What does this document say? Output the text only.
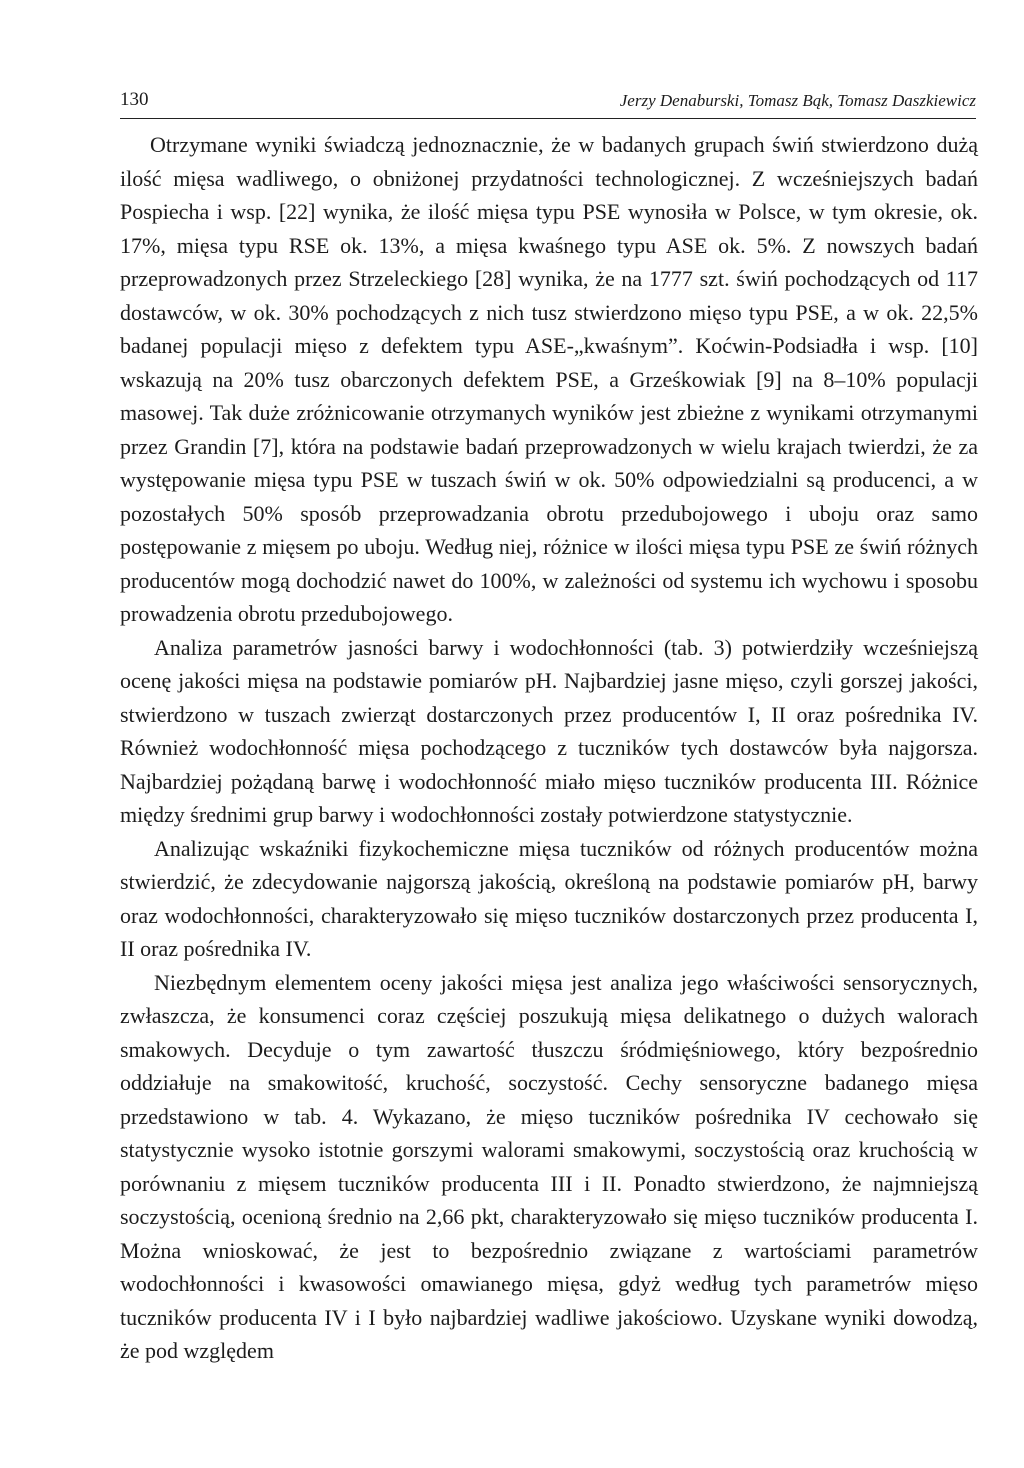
130	Jerzy Denaburski, Tomasz Bąk, Tomasz Daszkiewicz

Otrzymane wyniki świadczą jednoznacznie, że w badanych grupach świń stwierdzono dużą ilość mięsa wadliwego, o obniżonej przydatności technologicznej. Z wcześniejszych badań Pospiecha i wsp. [22] wynika, że ilość mięsa typu PSE wynosiła w Polsce, w tym okresie, ok. 17%, mięsa typu RSE ok. 13%, a mięsa kwaśnego typu ASE ok. 5%. Z nowszych badań przeprowadzonych przez Strzeleckiego [28] wynika, że na 1777 szt. świń pochodzących od 117 dostawców, w ok. 30% pochodzących z nich tusz stwierdzono mięso typu PSE, a w ok. 22,5% badanej populacji mięso z defektem typu ASE-„kwaśnym”. Koćwin-Podsiadła i wsp. [10] wskazują na 20% tusz obarczonych defektem PSE, a Grześkowiak [9] na 8–10% populacji masowej. Tak duże zróżnicowanie otrzymanych wyników jest zbieżne z wynikami otrzymanymi przez Grandin [7], która na podstawie badań przeprowadzonych w wielu krajach twierdzi, że za występowanie mięsa typu PSE w tuszach świń w ok. 50% odpowiedzialni są producenci, a w pozostałych 50% sposób przeprowadzania obrotu przedubojowego i uboju oraz samo postępowanie z mięsem po uboju. Według niej, różnice w ilości mięsa typu PSE ze świń różnych producentów mogą dochodzić nawet do 100%, w zależności od systemu ich wychowu i sposobu prowadzenia obrotu przedubojowego.

Analiza parametrów jasności barwy i wodochłonności (tab. 3) potwierdziły wcześniejszą ocenę jakości mięsa na podstawie pomiarów pH. Najbardziej jasne mięso, czyli gorszej jakości, stwierdzono w tuszach zwierząt dostarczonych przez producentów I, II oraz pośrednika IV. Również wodochłonność mięsa pochodzącego z tuczników tych dostawców była najgorsza. Najbardziej pożądaną barwę i wodochłonność miało mięso tuczników producenta III. Różnice między średnimi grup barwy i wodochłonności zostały potwierdzone statystycznie.

Analizując wskaźniki fizykochemiczne mięsa tuczników od różnych producentów można stwierdzić, że zdecydowanie najgorszą jakością, określoną na podstawie pomiarów pH, barwy oraz wodochłonności, charakteryzowało się mięso tuczników dostarczonych przez producenta I, II oraz pośrednika IV.

Niezbędnym elementem oceny jakości mięsa jest analiza jego właściwości sensorycznych, zwłaszcza, że konsumenci coraz częściej poszukują mięsa delikatnego o dużych walorach smakowych. Decyduje o tym zawartość tłuszczu śródmięśniowego, który bezpośrednio oddziałuje na smakowitość, kruchość, soczystość. Cechy sensoryczne badanego mięsa przedstawiono w tab. 4. Wykazano, że mięso tuczników pośrednika IV cechowało się statystycznie wysoko istotnie gorszymi walorami smakowymi, soczystością oraz kruchością w porównaniu z mięsem tuczników producenta III i II. Ponadto stwierdzono, że najmniejszą soczystością, ocenioną średnio na 2,66 pkt, charakteryzowało się mięso tuczników producenta I. Można wnioskować, że jest to bezpośrednio związane z wartościami parametrów wodochłonności i kwasowości omawianego mięsa, gdyż według tych parametrów mięso tuczników producenta IV i I było najbardziej wadliwe jakościowo. Uzyskane wyniki dowodzą, że pod względem
